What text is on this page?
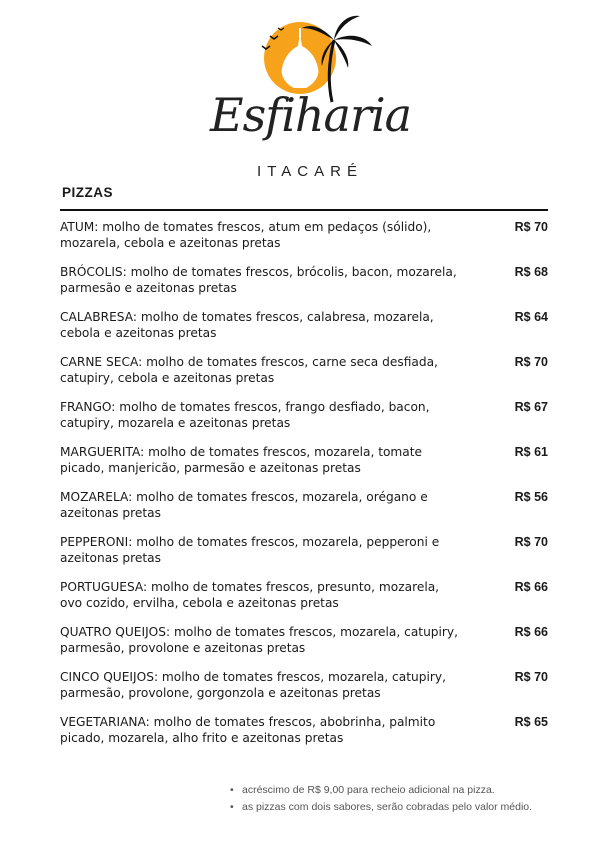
Esfiharia
ITACARÉ
PIZZAS
ATUM: molho de tomates frescos, atum em pedaços (sólido), mozarela, cebola e azeitonas pretas
R$ 70
BRÓCOLIS: molho de tomates frescos, brócolis, bacon, mozarela, parmesão e azeitonas pretas
R$ 68
CALABRESA: molho de tomates frescos, calabresa, mozarela, cebola e azeitonas pretas
R$ 64
CARNE SECA: molho de tomates frescos, carne seca desfiada, catupiry, cebola e azeitonas pretas
R$ 70
FRANGO: molho de tomates frescos, frango desfiado, bacon, catupiry, mozarela e azeitonas pretas
R$ 67
MARGUERITA: molho de tomates frescos, mozarela, tomate picado, manjericão, parmesão e azeitonas pretas
R$ 61
MOZARELA: molho de tomates frescos, mozarela, orégano e azeitonas pretas
R$ 56
PEPPERONI: molho de tomates frescos, mozarela, pepperoni e azeitonas pretas
R$ 70
PORTUGUESA: molho de tomates frescos, presunto, mozarela, ovo cozido, ervilha, cebola e azeitonas pretas
R$ 66
QUATRO QUEIJOS: molho de tomates frescos, mozarela, catupiry, parmesão, provolone e azeitonas pretas
R$ 66
CINCO QUEIJOS: molho de tomates frescos, mozarela, catupiry, parmesão, provolone, gorgonzola e azeitonas pretas
R$ 70
VEGETARIANA: molho de tomates frescos, abobrinha, palmito picado, mozarela, alho frito e azeitonas pretas
R$ 65
• acréscimo de R$ 9,00 para recheio adicional na pizza.
• as pizzas com dois sabores, serão cobradas pelo valor médio.
